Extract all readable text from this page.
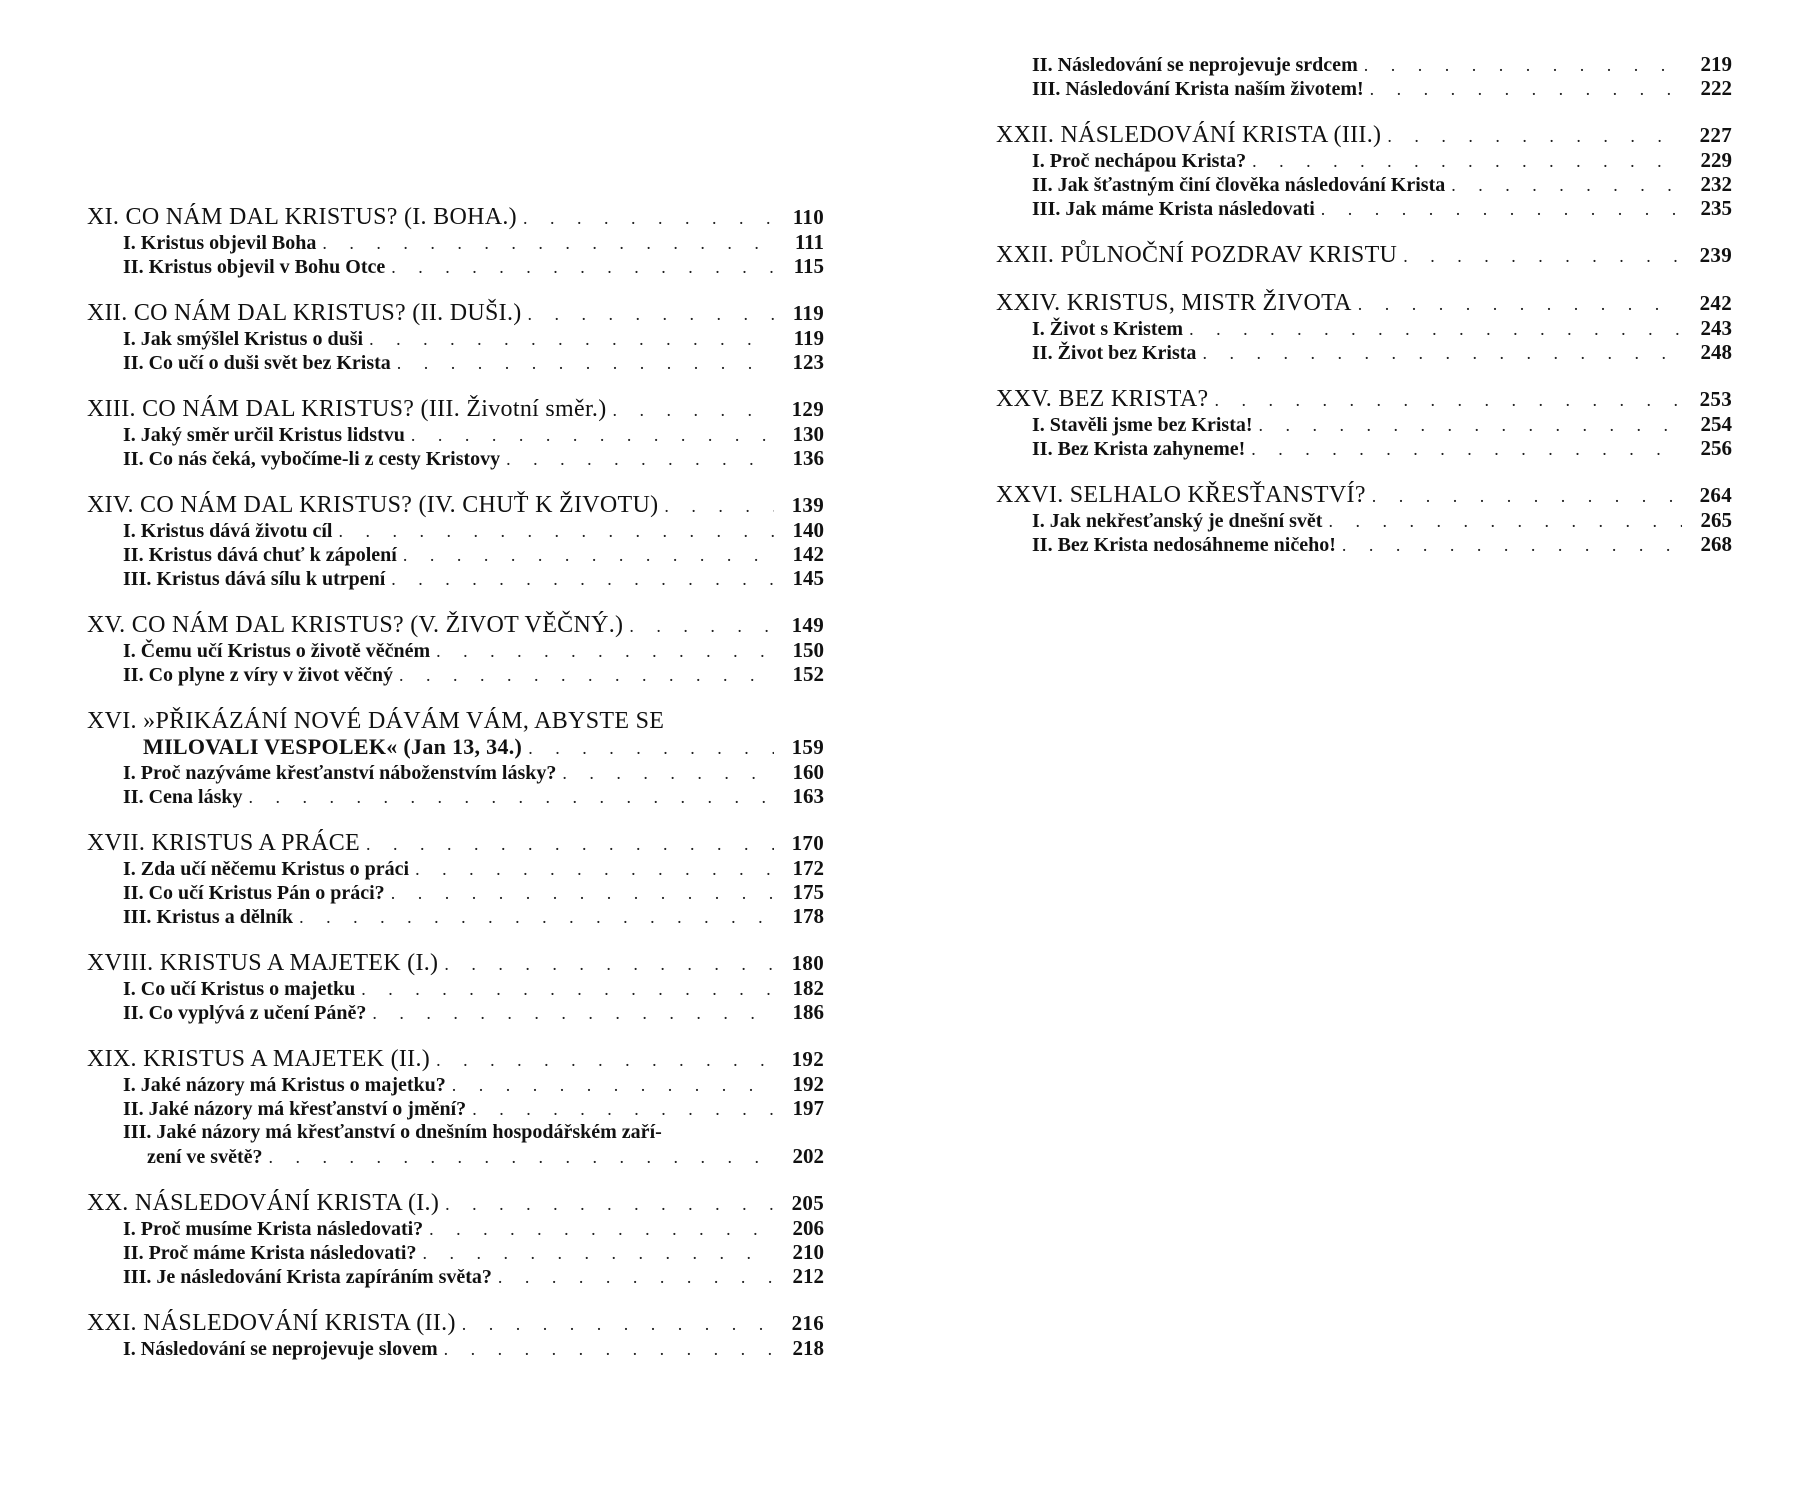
XI. CO NÁM DAL KRISTUS? (I. BOHA.) . . .	110
I. Kristus objevil Boha . . .	111
II. Kristus objevil v Bohu Otce . . .	115
XII. CO NÁM DAL KRISTUS? (II. DUŠI.) . . .	119
I. Jak smýšlel Kristus o duši . . .	119
II. Co učí o duši svět bez Krista . . .	123
XIII. CO NÁM DAL KRISTUS? (III. Životní směr.) . . .	129
I. Jaký směr určil Kristus lidstvu . . .	130
II. Co nás čeká, vybočíme-li z cesty Kristovy . . .	136
XIV. CO NÁM DAL KRISTUS? (IV. CHUŤ K ŽIVOTU) . . .	139
I. Kristus dává životu cíl . . .	140
II. Kristus dává chuť k zápolení . . .	142
III. Kristus dává sílu k utrpení . . .	145
XV. CO NÁM DAL KRISTUS? (V. ŽIVOT VĚČNÝ.) . . .	149
I. Čemu učí Kristus o životě věčném . . .	150
II. Co plyne z víry v život věčný . . .	152
XVI. »PŘIKÁZÁNÍ NOVÉ DÁVÁM VÁM, ABYSTE SE
MILOVALI VESPOLEK« (Jan 13, 34.) . . .	159
I. Proč nazýváme křesťanství náboženstvím lásky? . . .	160
II. Cena lásky . . .	163
XVII. KRISTUS A PRÁCE . . .	170
I. Zda učí něčemu Kristus o práci . . .	172
II. Co učí Kristus Pán o práci? . . .	175
III. Kristus a dělník . . .	178
XVIII. KRISTUS A MAJETEK (I.) . . .	180
I. Co učí Kristus o majetku . . .	182
II. Co vyplývá z učení Páně? . . .	186
XIX. KRISTUS A MAJETEK (II.) . . .	192
I. Jaké názory má Kristus o majetku? . . .	192
II. Jaké názory má křesťanství o jmění? . . .	197
III. Jaké názory má křesťanství o dnešním hospodářském zaří-
zení ve světě? . . .	202
XX. NÁSLEDOVÁNÍ KRISTA (I.) . . .	205
I. Proč musíme Krista následovati? . . .	206
II. Proč máme Krista následovati? . . .	210
III. Je následování Krista zapíráním světa? . . .	212
XXI. NÁSLEDOVÁNÍ KRISTA (II.) . . .	216
I. Následování se neprojevuje slovem . . .	218
II. Následování se neprojevuje srdcem . . .	219
III. Následování Krista naším životem! . . .	222
XXII. NÁSLEDOVÁNÍ KRISTA (III.) . . .	227
I. Proč nechápou Krista? . . .	229
II. Jak šťastným činí člověka následování Krista . . .	232
III. Jak máme Krista následovati . . .	235
XXII. PŮLNOČNÍ POZDRAV KRISTU . . .	239
XXIV. KRISTUS, MISTR ŽIVOTA . . .	242
I. Život s Kristem . . .	243
II. Život bez Krista . . .	248
XXV. BEZ KRISTA? . . .	253
I. Stavěli jsme bez Krista! . . .	254
II. Bez Krista zahyneme! . . .	256
XXVI. SELHALO KŘESŤANSTVÍ? . . .	264
I. Jak nekřesťanský je dnešní svět . . .	265
II. Bez Krista nedosáhneme ničeho! . . .	268
